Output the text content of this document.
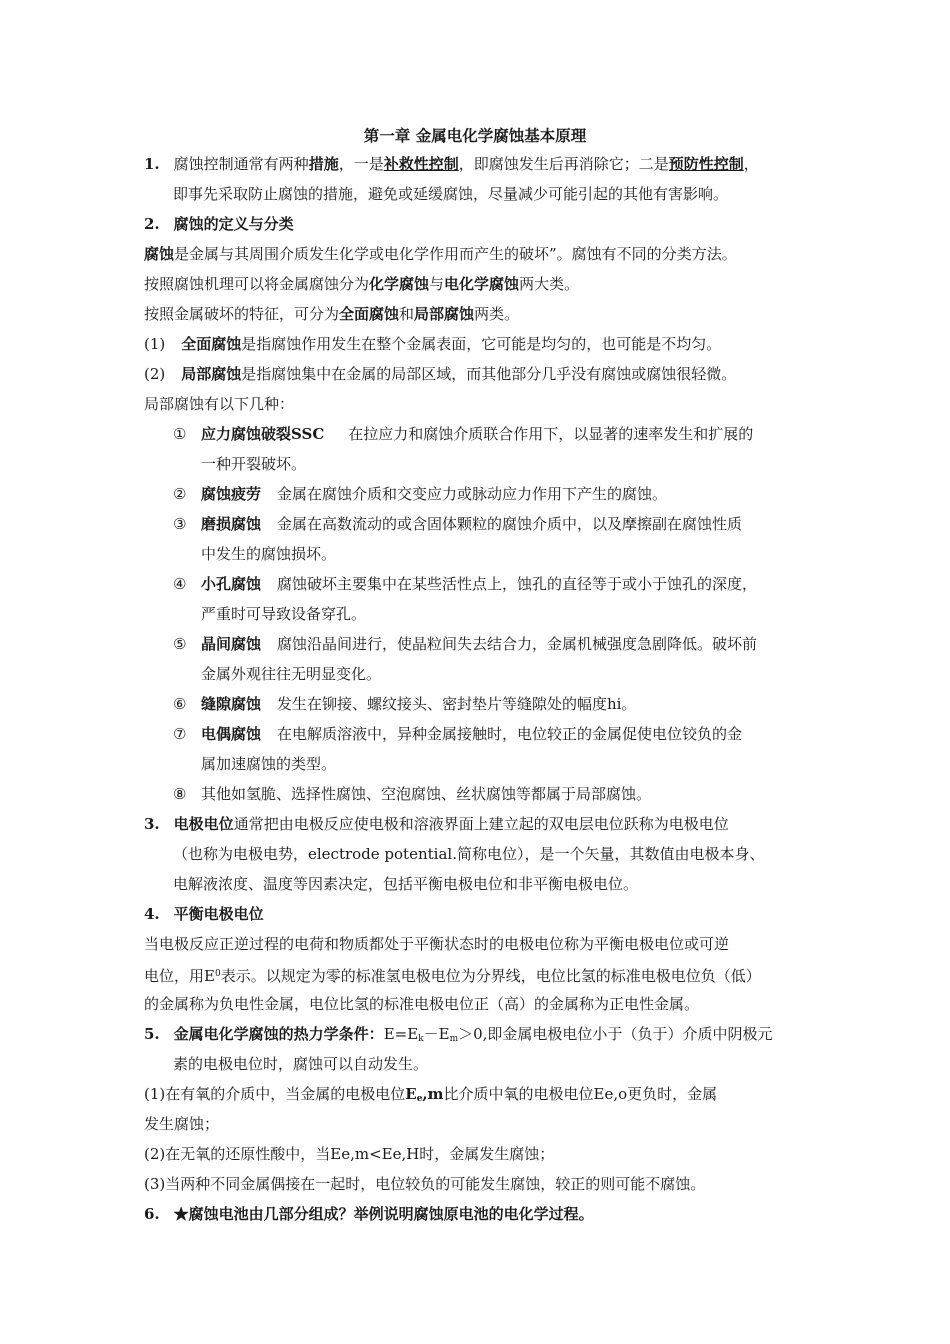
第一章 金属电化学腐蚀基本原理
1. 腐蚀控制通常有两种措施，一是补救性控制，即腐蚀发生后再消除它；二是预防性控制，
即事先采取防止腐蚀的措施，避免或延缓腐蚀，尽量减少可能引起的其他有害影响。
2. 腐蚀的定义与分类
腐蚀是金属与其周围介质发生化学或电化学作用而产生的破坏”。腐蚀有不同的分类方法。
按照腐蚀机理可以将金属腐蚀分为化学腐蚀与电化学腐蚀两大类。
按照金属破坏的特征，可分为全面腐蚀和局部腐蚀两类。
(1) 全面腐蚀是指腐蚀作用发生在整个金属表面，它可能是均匀的，也可能是不均匀。
(2) 局部腐蚀是指腐蚀集中在金属的局部区域，而其他部分几乎没有腐蚀或腐蚀很轻微。
局部腐蚀有以下几种：
① 应力腐蚀破裂SSC 在拉应力和腐蚀介质联合作用下，以显著的速率发生和扩展的
一种开裂破坏。
② 腐蚀疲劳 金属在腐蚀介质和交变应力或脉动应力作用下产生的腐蚀。
③ 磨损腐蚀 金属在高数流动的或含固体颗粒的腐蚀介质中，以及摩擦副在腐蚀性质
中发生的腐蚀损坏。
④ 小孔腐蚀 腐蚀破坏主要集中在某些活性点上，蚀孔的直径等于或小于蚀孔的深度，
严重时可导致设备穿孔。
⑤ 晶间腐蚀 腐蚀沿晶间进行，使晶粒间失去结合力，金属机械强度急剧降低。破坏前
金属外观往往无明显变化。
⑥ 缝隙腐蚀 发生在铆接、螺纹接头、密封垫片等缝隙处的幅度hi。
⑦ 电偶腐蚀 在电解质溶液中，异种金属接触时，电位较正的金属促使电位铰负的金
属加速腐蚀的类型。
⑧ 其他如氢脆、选择性腐蚀、空泡腐蚀、丝状腐蚀等都属于局部腐蚀。
3. 电极电位通常把由电极反应使电极和溶液界面上建立起的双电层电位跃称为电极电位
（也称为电极电势，electrode potential.简称电位），是一个矢量，其数值由电极本身、
电解液浓度、温度等因素决定，包括平衡电极电位和非平衡电极电位。
4. 平衡电极电位
当电极反应正逆过程的电荷和物质都处于平衡状态时的电极电位称为平衡电极电位或可逆
电位，用$E^0$表示。以规定为零的标准氢电极电位为分界线，电位比氢的标准电极电位负（低）
的金属称为负电性金属，电位比氢的标准电极电位正（高）的金属称为正电性金属。
5. 金属电化学腐蚀的热力学条件：$E=E_k-E_m>0$,即金属电极电位小于（负于）介质中阴极元
素的电极电位时，腐蚀可以自动发生。
(1)在有氧的介质中，当金属的电极电位$E_e,m$比介质中氧的电极电位Ee,o更负时，金属
发生腐蚀；
(2)在无氧的还原性酸中，当Ee,m<Ee,H时，金属发生腐蚀；
(3)当两种不同金属偶接在一起时，电位较负的可能发生腐蚀，较正的则可能不腐蚀。
6. ★腐蚀电池由几部分组成？举例说明腐蚀原电池的电化学过程。
